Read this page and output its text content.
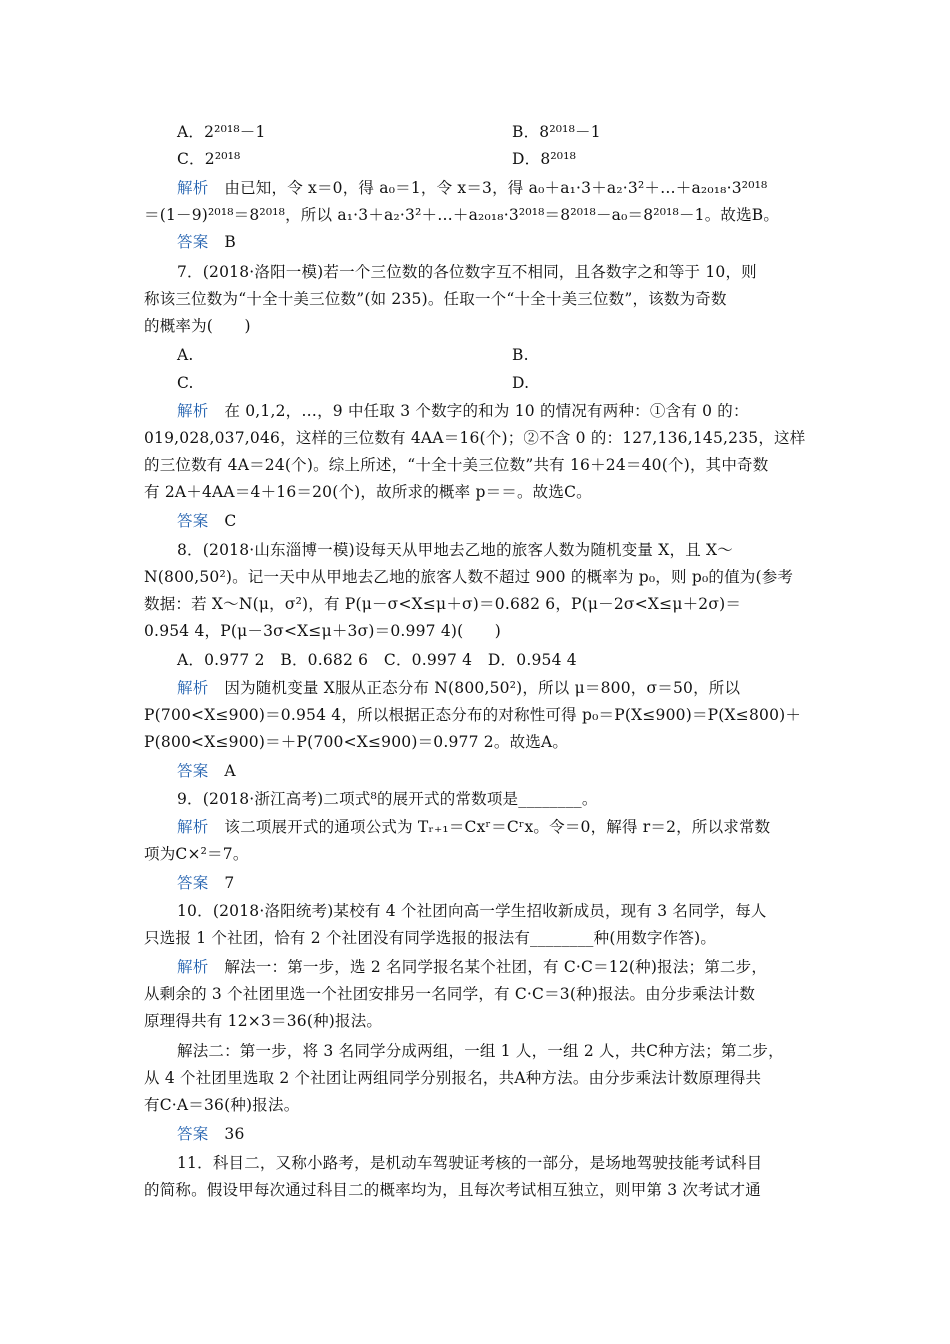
A．2²⁰¹⁸－1	B．8²⁰¹⁸－1
C．2²⁰¹⁸	D．8²⁰¹⁸
解析 由已知，令 x＝0，得 a₀＝1，令 x＝3，得 a₀＋a₁·3＋a₂·3²＋…＋a₂₀₁₈·3²⁰¹⁸
＝(1－9)²⁰¹⁸＝8²⁰¹⁸，所以 a₁·3＋a₂·3²＋…＋a₂₀₁₈·3²⁰¹⁸＝8²⁰¹⁸－a₀＝8²⁰¹⁸－1。故选B。
答案 B
7．(2018·洛阳一模)若一个三位数的各位数字互不相同，且各数字之和等于 10，则
称该三位数为“十全十美三位数”(如 235)。任取一个“十全十美三位数”，该数为奇数
的概率为(　　)
A.	B.
C.	D.
解析 在 0,1,2，…，9 中任取 3 个数字的和为 10 的情况有两种：①含有 0 的：
019,028,037,046，这样的三位数有 4AA＝16(个)；②不含 0 的：127,136,145,235，这样
的三位数有 4A＝24(个)。综上所述，“十全十美三位数”共有 16＋24＝40(个)，其中奇数
有 2A＋4AA＝4＋16＝20(个)，故所求的概率 p＝＝。故选C。
答案 C
8．(2018·山东淄博一模)设每天从甲地去乙地的旅客人数为随机变量 X，且 X～
N(800,50²)。记一天中从甲地去乙地的旅客人数不超过 900 的概率为 p₀，则 p₀的值为(参考
数据：若 X～N(μ，σ²)，有 P(μ－σ<X≤μ＋σ)＝0.682 6，P(μ－2σ<X≤μ＋2σ)＝
0.954 4，P(μ－3σ<X≤μ＋3σ)＝0.997 4)(　　)
A．0.977 2　B．0.682 6　C．0.997 4　D．0.954 4
解析 因为随机变量 X服从正态分布 N(800,50²)，所以 μ＝800，σ＝50，所以
P(700<X≤900)＝0.954 4，所以根据正态分布的对称性可得 p₀＝P(X≤900)＝P(X≤800)＋
P(800<X≤900)＝＋P(700<X≤900)＝0.977 2。故选A。
答案 A
9．(2018·浙江高考)二项式⁸的展开式的常数项是________。
解析 该二项展开式的通项公式为 Tᵣ₊₁＝Cxʳ＝Cʳx。令＝0，解得 r＝2，所以求常数
项为C×²＝7。
答案 7
10．(2018·洛阳统考)某校有 4 个社团向高一学生招收新成员，现有 3 名同学，每人
只选报 1 个社团，恰有 2 个社团没有同学选报的报法有________种(用数字作答)。
解析 解法一：第一步，选 2 名同学报名某个社团，有 C·C＝12(种)报法；第二步，
从剩余的 3 个社团里选一个社团安排另一名同学，有 C·C＝3(种)报法。由分步乘法计数
原理得共有 12×3＝36(种)报法。
解法二：第一步，将 3 名同学分成两组，一组 1 人，一组 2 人，共C种方法；第二步，
从 4 个社团里选取 2 个社团让两组同学分别报名，共A种方法。由分步乘法计数原理得共
有C·A＝36(种)报法。
答案 36
11．科目二，又称小路考，是机动车驾驶证考核的一部分，是场地驾驶技能考试科目
的简称。假设甲每次通过科目二的概率均为，且每次考试相互独立，则甲第 3 次考试才通
